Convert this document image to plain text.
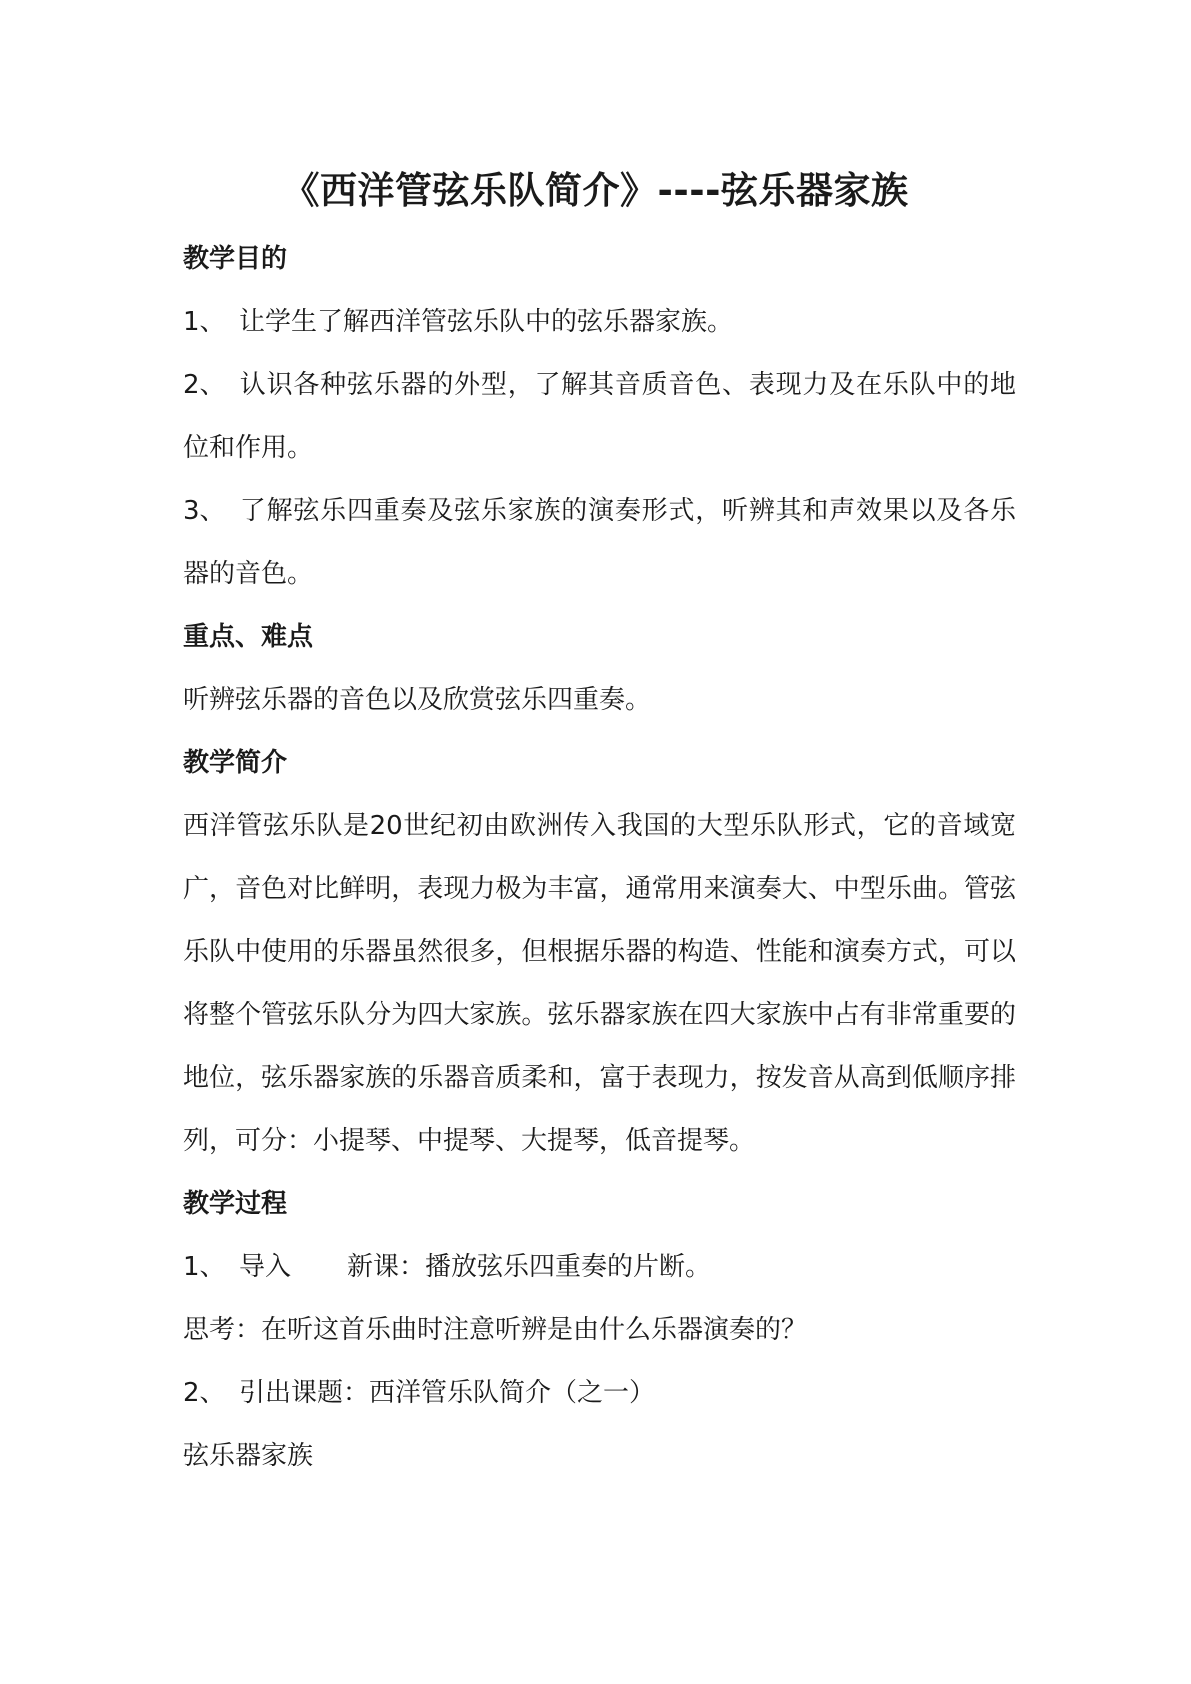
《西洋管弦乐队简介》----弦乐器家族
教学目的
1、 让学生了解西洋管弦乐队中的弦乐器家族。
2、 认识各种弦乐器的外型，了解其音质音色、表现力及在乐队中的地位和作用。
3、 了解弦乐四重奏及弦乐家族的演奏形式，听辨其和声效果以及各乐器的音色。
重点、难点
听辨弦乐器的音色以及欣赏弦乐四重奏。
教学简介
西洋管弦乐队是20世纪初由欧洲传入我国的大型乐队形式，它的音域宽广，音色对比鲜明，表现力极为丰富，通常用来演奏大、中型乐曲。管弦乐队中使用的乐器虽然很多，但根据乐器的构造、性能和演奏方式，可以将整个管弦乐队分为四大家族。弦乐器家族在四大家族中占有非常重要的地位，弦乐器家族的乐器音质柔和，富于表现力，按发音从高到低顺序排列，可分：小提琴、中提琴、大提琴，低音提琴。
教学过程
1、 导入 新课：播放弦乐四重奏的片断。
思考：在听这首乐曲时注意听辨是由什么乐器演奏的？
2、 引出课题：西洋管乐队简介（之一）
弦乐器家族
